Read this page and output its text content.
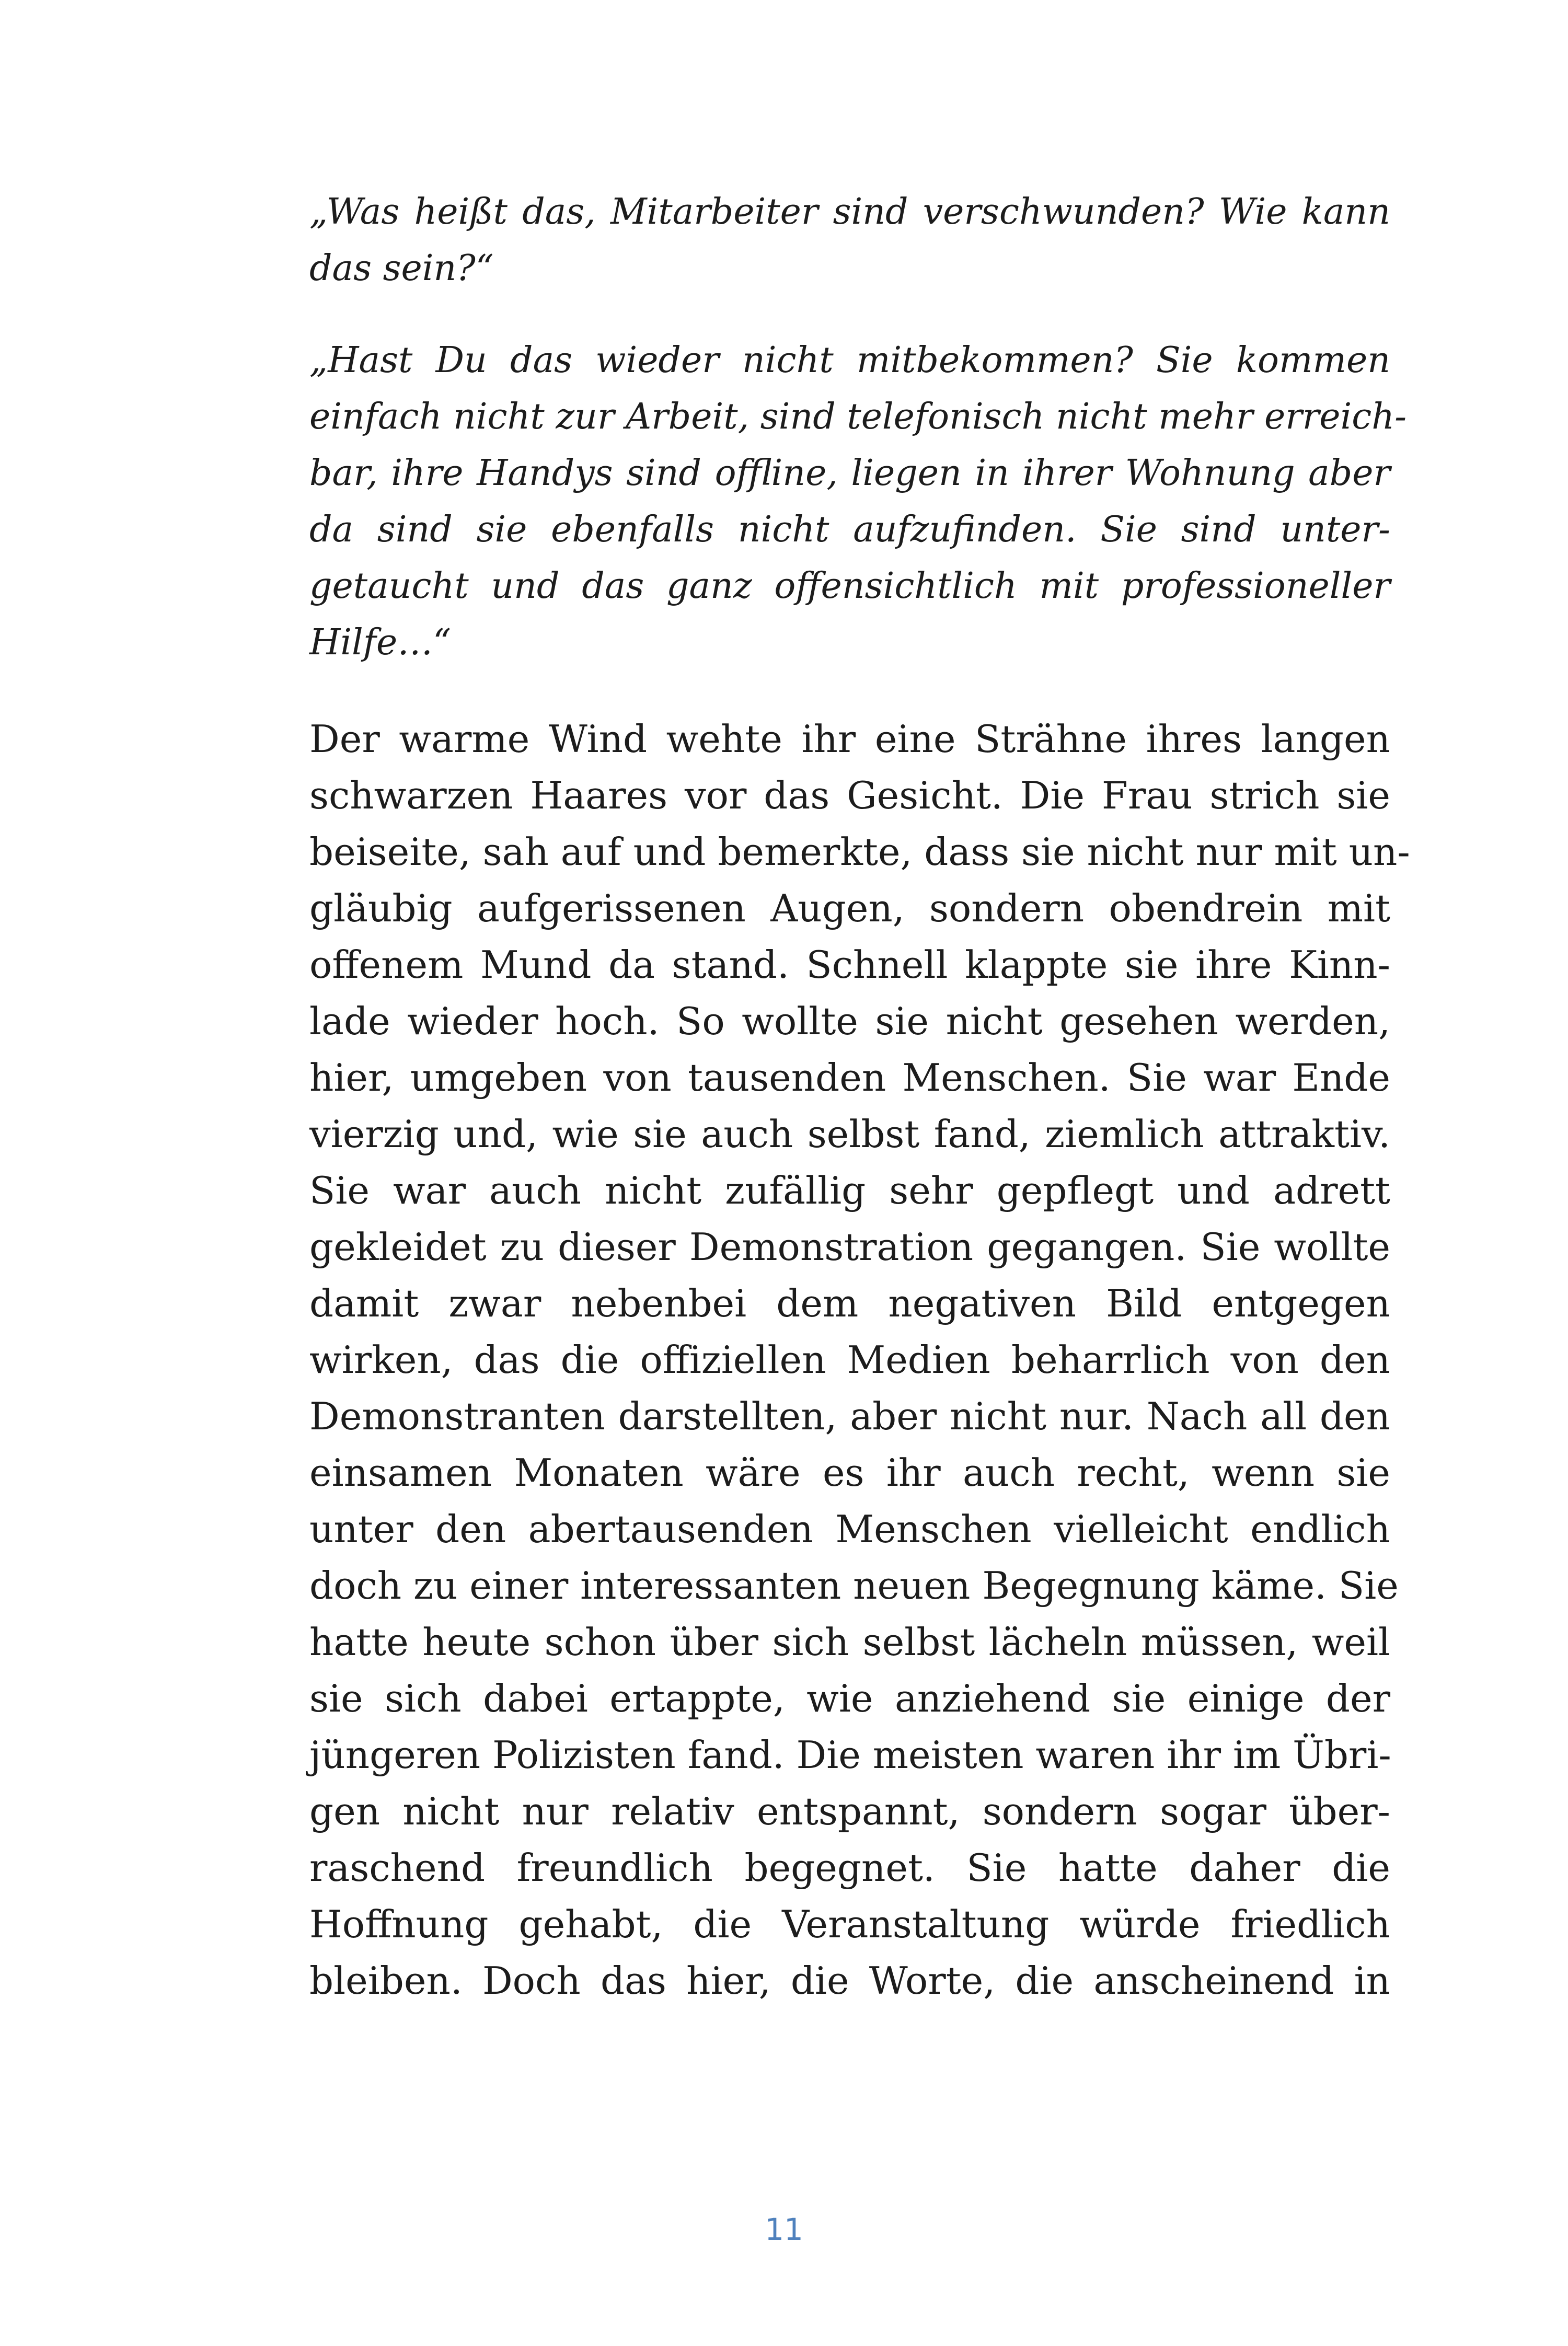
„Was heißt das, Mitarbeiter sind verschwunden? Wie kann
das sein?“
„Hast Du das wieder nicht mitbekommen? Sie kommen
einfach nicht zur Arbeit, sind telefonisch nicht mehr erreich-
bar, ihre Handys sind offline, liegen in ihrer Wohnung aber
da sind sie ebenfalls nicht aufzufinden. Sie sind unter-
getaucht und das ganz offensichtlich mit professioneller
Hilfe…“
Der warme Wind wehte ihr eine Strähne ihres langen
schwarzen Haares vor das Gesicht. Die Frau strich sie
beiseite, sah auf und bemerkte, dass sie nicht nur mit un-
gläubig aufgerissenen Augen, sondern obendrein mit
offenem Mund da stand. Schnell klappte sie ihre Kinn-
lade wieder hoch. So wollte sie nicht gesehen werden,
hier, umgeben von tausenden Menschen. Sie war Ende
vierzig und, wie sie auch selbst fand, ziemlich attraktiv.
Sie war auch nicht zufällig sehr gepflegt und adrett
gekleidet zu dieser Demonstration gegangen. Sie wollte
damit zwar nebenbei dem negativen Bild entgegen
wirken, das die offiziellen Medien beharrlich von den
Demonstranten darstellten, aber nicht nur. Nach all den
einsamen Monaten wäre es ihr auch recht, wenn sie
unter den abertausenden Menschen vielleicht endlich
doch zu einer interessanten neuen Begegnung käme. Sie
hatte heute schon über sich selbst lächeln müssen, weil
sie sich dabei ertappte, wie anziehend sie einige der
jüngeren Polizisten fand. Die meisten waren ihr im Übri-
gen nicht nur relativ entspannt, sondern sogar über-
raschend freundlich begegnet. Sie hatte daher die
Hoffnung gehabt, die Veranstaltung würde friedlich
bleiben. Doch das hier, die Worte, die anscheinend in
11
